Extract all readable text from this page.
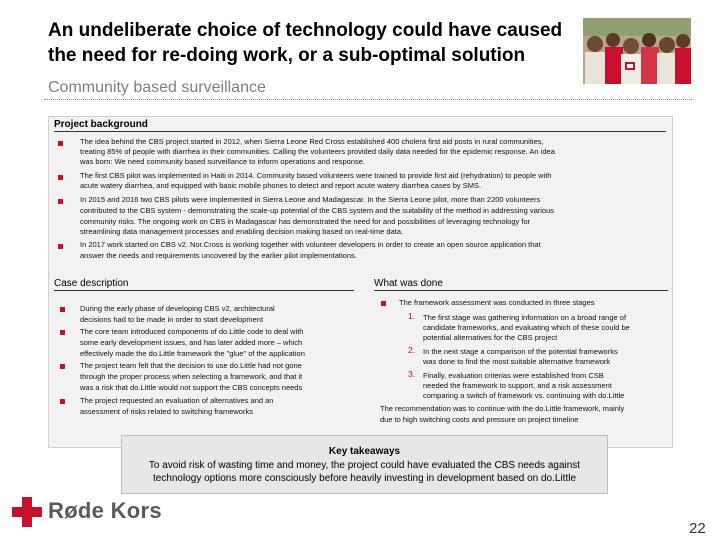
An undeliberate choice of technology could have caused the need for re-doing work, or a sub-optimal solution
Community based surveillance
Project background
The idea behind the CBS project started in 2012, when Sierra Leone Red Cross established 400 cholera first aid posts in rural communities,
treating 85% of people with diarrhea in their communities. Calling the volunteers provided daily data needed for the epidemic response. An idea
was born: We need community based surveillance to inform operations and response.
The first CBS pilot was implemented in Haiti in 2014. Community based volunteers were trained to provide first aid (rehydration) to people with
acute watery diarrhea, and equipped with basic mobile phones to detect and report acute watery diarrhea cases by SMS.
In 2015 and 2016 two CBS pilots were implemented in Sierra Leone and Madagascar. In the Sierra Leone pilot, more than 2200 volunteers
contributed to the CBS system - demonstrating the scale-up potential of the CBS system and the suitability of the method in addressing various
community risks. The ongoing work on CBS in Madagascar has demonstrated the need for and possibilities of leveraging technology for
streamlining data management processes and enabling decision making based on real-time data.
In 2017 work started on CBS v2. Nor.Cross is working together with volunteer developers in order to create an open source application that
answer the needs and requirements uncovered by the earlier pilot implementations.
Case description
During the early phase of developing CBS v2, architectural
decisions had to be made in order to start development
The core team introduced components of do.Little code to deal with
some early development issues, and has later added more – which
effectively made the do.Little framework the "glue" of the application
The project team felt that the decision to use do.Little had not gone
through the proper process when selecting a framework, and that it
was a risk that do.Little would not support the CBS concepts needs
The project requested an evaluation of alternatives and an
assessment of risks related to switching frameworks
What was done
The framework assessment was conducted in three stages
1. The first stage was gathering information on a broad range of
candidate frameworks, and evaluating which of these could be
potential alternatives for the CBS project
2. In the next stage a comparison of the potential frameworks
was done to find the most suitable alternative framework
3. Finally, evaluation criterias were established from CSB
needed the framework to support, and a risk assessment
comparing a switch of framework vs. continuing with do.Little
The recommendation was to continue with the do.Little framework, mainly
due to high switching costs and pressure on project timeline
Key takeaways
To avoid risk of wasting time and money, the project could have evaluated the CBS needs against
technology options more consciously before heavily investing in development based on do.Little
Røde Kors
22
